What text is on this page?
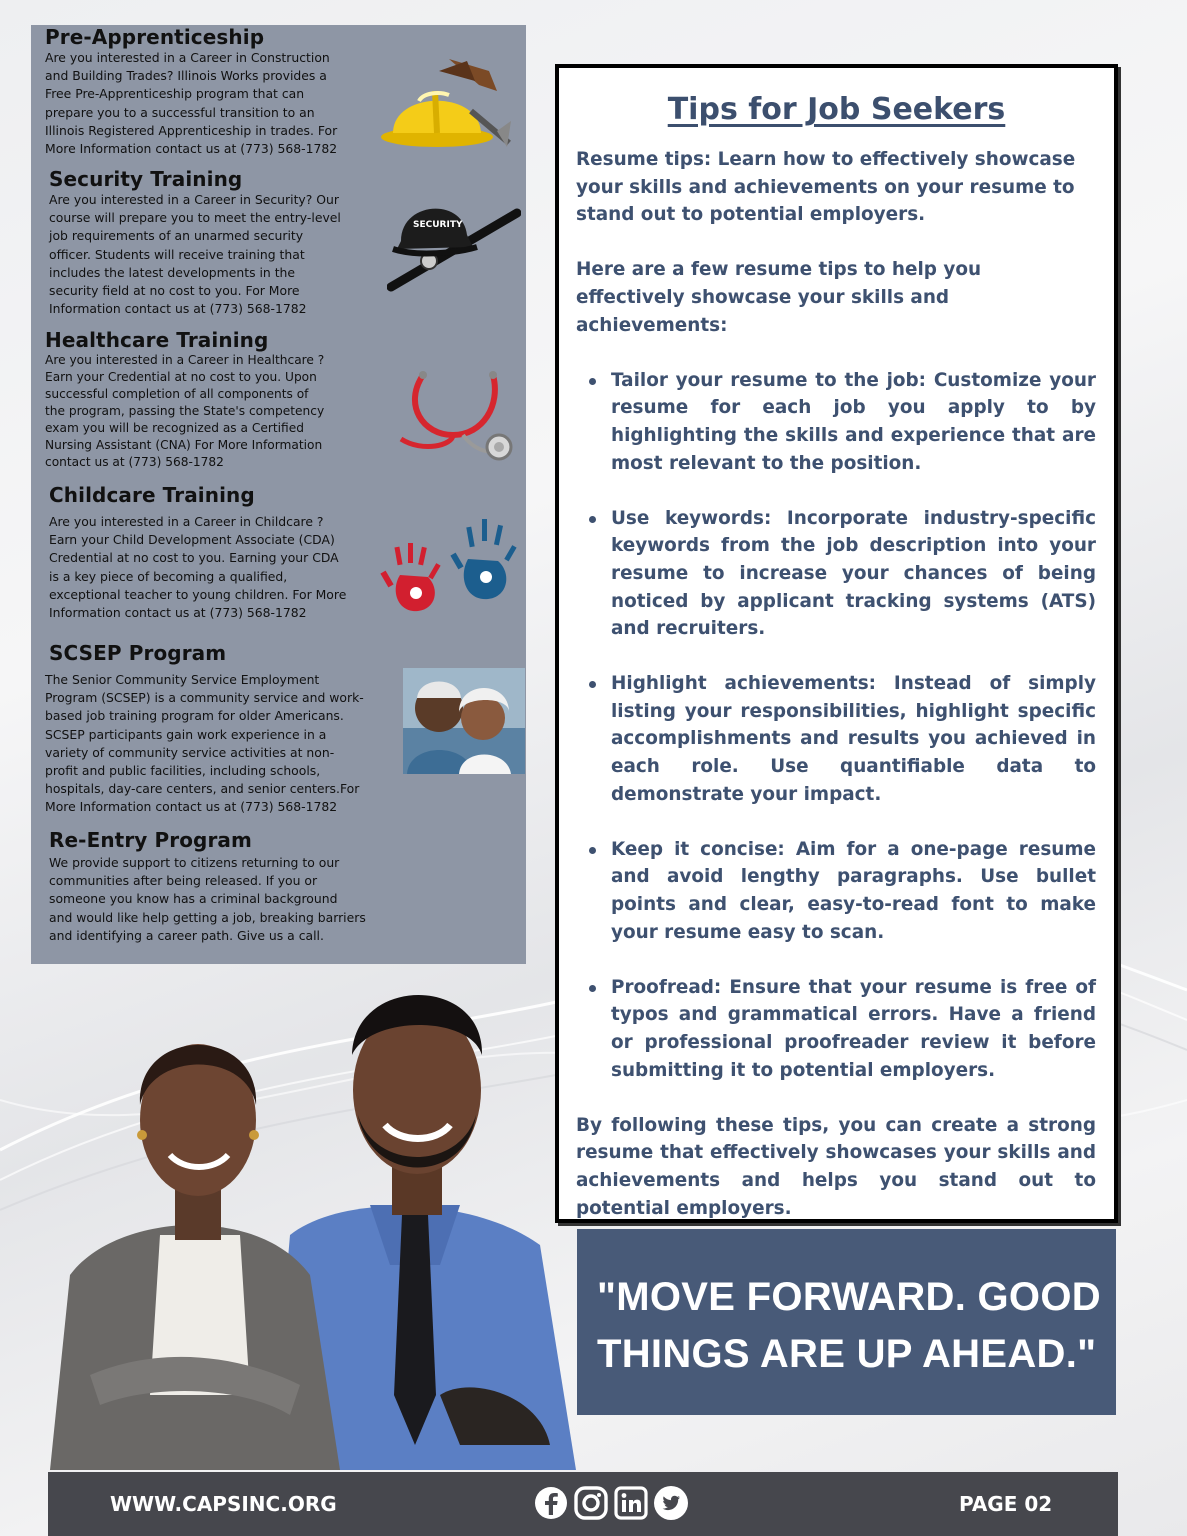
Pre-Apprenticeship

Are you interested in a Career in Construction
and Building Trades? Illinois Works provides a
Free Pre-Apprenticeship program that can
prepare you to a successful transition to an
Illinois Registered Apprenticeship in trades. For
More Information contact us at (773) 568-1782

Security Training

Are you interested in a Career in Security? Our
course will prepare you to meet the entry-level
job requirements of an unarmed security
officer. Students will receive training that
includes the latest developments in the
security field at no cost to you. For More
Information contact us at (773) 568-1782

SECURITY
Healthcare Training

Are you interested in a Career in Healthcare ?
Earn your Credential at no cost to you. Upon
successful completion of all components of
the program, passing the State's competency
exam you will be recognized as a Certified
Nursing Assistant (CNA) For More Information
contact us at (773) 568-1782

Childcare Training

Are you interested in a Career in Childcare ?
Earn your Child Development Associate (CDA)
Credential at no cost to you. Earning your CDA
is a key piece of becoming a qualified,
exceptional teacher to young children. For More
Information contact us at (773) 568-1782

SCSEP Program

The Senior Community Service Employment
Program (SCSEP) is a community service and work-
based job training program for older Americans.
SCSEP participants gain work experience in a
variety of community service activities at non-
profit and public facilities, including schools,
hospitals, day-care centers, and senior centers.For
More Information contact us at (773) 568-1782

Re-Entry Program

We provide support to citizens returning to our
communities after being released. If you or
someone you know has a criminal background
and would like help getting a job, breaking barriers
and identifying a career path. Give us a call.

Tips for Job Seekers

Resume tips: Learn how to effectively showcase your skills and achievements on your resume to stand out to potential employers.

Here are a few resume tips to help you effectively showcase your skills and achievements:

Tailor your resume to the job: Customize your resume for each job you apply to by highlighting the skills and experience that are most relevant to the position.
Use keywords: Incorporate industry-specific keywords from the job description into your resume to increase your chances of being noticed by applicant tracking systems (ATS) and recruiters.
Highlight achievements: Instead of simply listing your responsibilities, highlight specific accomplishments and results you achieved in each role. Use quantifiable data to demonstrate your impact.
Keep it concise: Aim for a one-page resume and avoid lengthy paragraphs. Use bullet points and clear, easy-to-read font to make your resume easy to scan.
Proofread: Ensure that your resume is free of typos and grammatical errors. Have a friend or professional proofreader review it before submitting it to potential employers.

By following these tips, you can create a strong resume that effectively showcases your skills and achievements and helps you stand out to potential employers.

"MOVE FORWARD. GOOD
THINGS ARE UP AHEAD."
WWW.CAPSINC.ORG	PAGE 02
